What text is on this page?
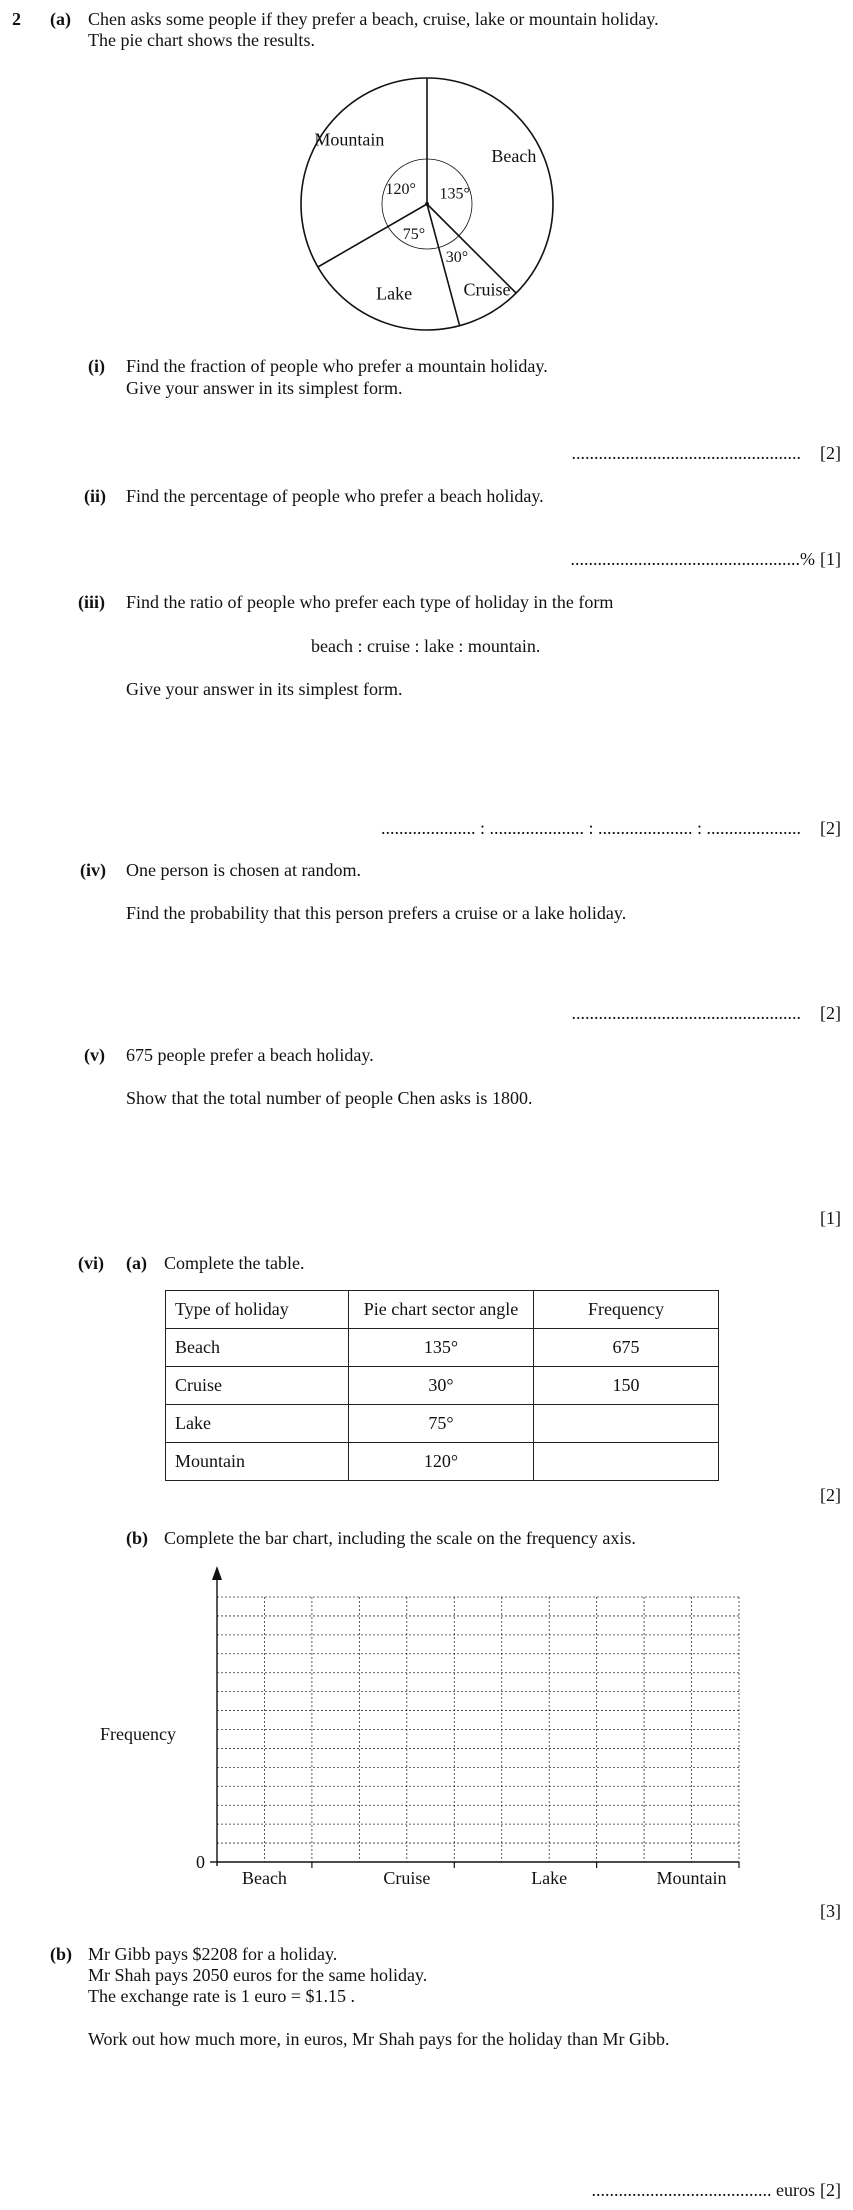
2 (a) Chen asks some people if they prefer a beach, cruise, lake or mountain holiday.
The pie chart shows the results.
Beach
135°
Cruise
30°
Lake
75°
Mountain
120°
(i) Find the fraction of people who prefer a mountain holiday.
Give your answer in its simplest form.
................................................... [2]
(ii) Find the percentage of people who prefer a beach holiday.
...................................................% [1]
(iii) Find the ratio of people who prefer each type of holiday in the form
beach : cruise : lake : mountain.
Give your answer in its simplest form.
..................... : ..................... : ..................... : ..................... [2]
(iv) One person is chosen at random.
Find the probability that this person prefers a cruise or a lake holiday.
................................................... [2]
(v) 675 people prefer a beach holiday.
Show that the total number of people Chen asks is 1800.
[1]
(vi) (a) Complete the table.
Type of holiday	Pie chart sector angle	Frequency
Beach	135°	675
Cruise	30°	150
Lake	75°	
Mountain	120°	
[2]
(b) Complete the bar chart, including the scale on the frequency axis.
Beach	Cruise	Lake	Mountain
0
Frequency
[3]
(b) Mr Gibb pays $2208 for a holiday.
Mr Shah pays 2050 euros for the same holiday.
The exchange rate is 1 euro = $1.15 .
Work out how much more, in euros, Mr Shah pays for the holiday than Mr Gibb.
........................................ euros [2]
